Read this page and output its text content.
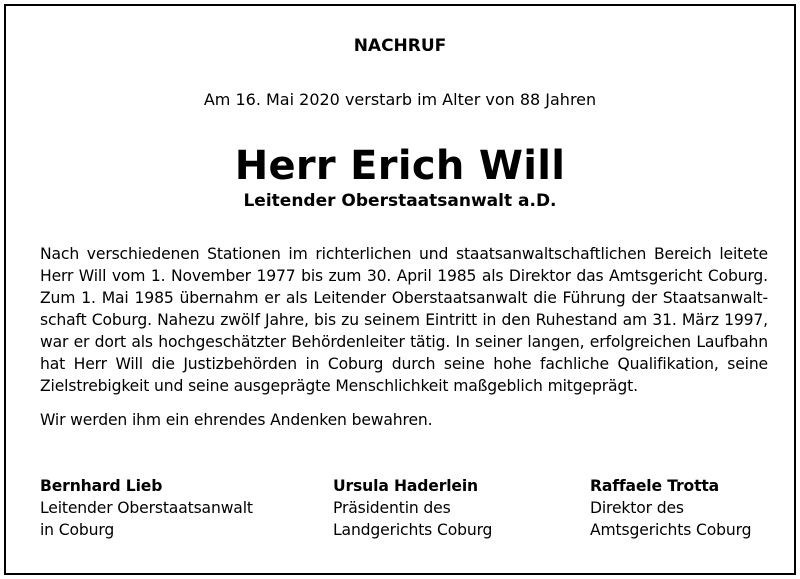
NACHRUF
Am 16. Mai 2020 verstarb im Alter von 88 Jahren
Herr Erich Will
Leitender Oberstaatsanwalt a.D.
Nach verschiedenen Stationen im richterlichen und staatsanwaltschaftlichen Bereich leitete Herr Will vom 1. November 1977 bis zum 30. April 1985 als Direktor das Amtsgericht Coburg. Zum 1. Mai 1985 übernahm er als Leitender Oberstaatsanwalt die Führung der Staatsanwalt-schaft Coburg. Nahezu zwölf Jahre, bis zu seinem Eintritt in den Ruhestand am 31. März 1997, war er dort als hochgeschätzter Behördenleiter tätig. In seiner langen, erfolgreichen Laufbahn hat Herr Will die Justizbehörden in Coburg durch seine hohe fachliche Qualifikation, seine Zielstrebigkeit und seine ausgeprägte Menschlichkeit maßgeblich mitgeprägt.
Wir werden ihm ein ehrendes Andenken bewahren.
Bernhard Lieb
Leitender Oberstaatsanwalt
in Coburg
Ursula Haderlein
Präsidentin des
Landgerichts Coburg
Raffaele Trotta
Direktor des
Amtsgerichts Coburg
